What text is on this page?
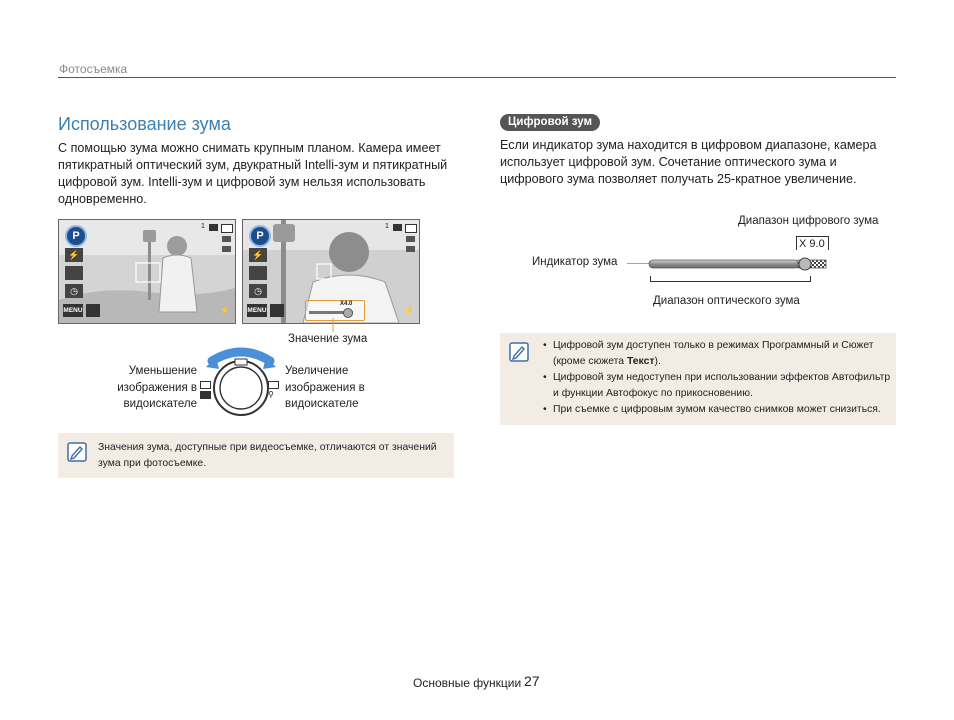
Фотосъемка
Использование зума
С помощью зума можно снимать крупным планом. Камера имеет пятикратный оптический зум, двукратный Intelli-зум и пятикратный цифровой зум. Intelli-зум и цифровой зум нельзя использовать одновременно.
P
⚡
◷
MENU
1
⚡
P
⚡
◷
MENU
1
⚡
X4.0
Значение зума
Уменьшение изображения в видоискателе
⚲
Увеличение изображения в видоискателе
Значения зума, доступные при видеосъемке, отличаются от значений зума при фотосъемке.
Цифровой зум
Если индикатор зума находится в цифровом диапазоне, камера использует цифровой зум. Сочетание оптического зума и цифрового зума позволяет получать 25-кратное увеличение.
Диапазон цифрового зума
X 9.0
Индикатор зума
Диапазон оптического зума
• Цифровой зум доступен только в режимах Программный и Сюжет (кроме сюжета Текст).
• Цифровой зум недоступен при использовании эффектов Автофильтр и функции Автофокус по прикосновению.
• При съемке с цифровым зумом качество снимков может снизиться.
Основные функции 27
